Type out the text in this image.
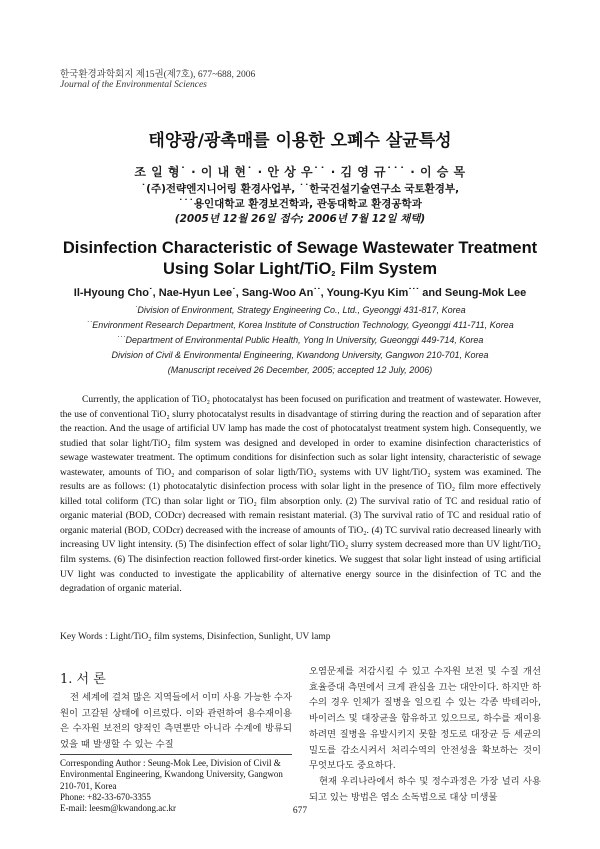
한국환경과학회지 제15권(제7호), 677~688, 2006
Journal of the Environmental Sciences
태양광/광촉매를 이용한 오폐수 살균특성
조 일 형˙ · 이 내 현˙ · 안 상 우˙˙ · 김 영 규˙˙˙ · 이 승 목
˙(주)전략엔지니어링 환경사업부, ˙˙한국건설기술연구소 국토환경부,
˙˙˙용인대학교 환경보건학과, 관동대학교 환경공학과
(2005년 12월 26일 접수; 2006년 7월 12일 채택)
Disinfection Characteristic of Sewage Wastewater Treatment
Using Solar Light/TiO$_2$ Film System
Il-Hyoung Cho˙, Nae-Hyun Lee˙, Sang-Woo An˙˙, Young-Kyu Kim˙˙˙ and Seung-Mok Lee
˙Division of Environment, Strategy Engineering Co., Ltd., Gyeonggi 431-817, Korea
˙˙Environment Research Department, Korea Institute of Construction Technology, Gyeonggi 411-711, Korea
˙˙˙Department of Environmental Public Health, Yong In University, Gueonggi 449-714, Korea
Division of Civil & Environmental Engineering, Kwandong University, Gangwon 210-701, Korea
(Manuscript received 26 December, 2005; accepted 12 July, 2006)
Currently, the application of TiO₂ photocatalyst has been focused on purification and treatment of wastewater. However, the use of conventional TiO₂ slurry photocatalyst results in disadvantage of stirring during the reaction and of separation after the reaction. And the usage of artificial UV lamp has made the cost of photocatalyst treatment system high. Consequently, we studied that solar light/TiO₂ film system was designed and developed in order to examine disinfection characteristics of sewage wastewater treatment. The optimum conditions for disinfection such as solar light intensity, characteristic of sewage wastewater, amounts of TiO₂ and comparison of solar ligth/TiO₂ systems with UV light/TiO₂ system was examined. The results are as follows: (1) photocatalytic disinfection process with solar light in the presence of TiO₂ film more effectively killed total coliform (TC) than solar light or TiO₂ film absorption only. (2) The survival ratio of TC and residual ratio of organic material (BOD, CODcr) decreased with remain resistant material. (3) The survival ratio of TC and residual ratio of organic material (BOD, CODcr) decreased with the increase of amounts of TiO₂. (4) TC survival ratio decreased linearly with increasing UV light intensity. (5) The disinfection effect of solar light/TiO₂ slurry system decreased more than UV light/TiO₂ film systems. (6) The disinfection reaction followed first-order kinetics. We suggest that solar light instead of using artificial UV light was conducted to investigate the applicability of alternative energy source in the disinfection of TC and the degradation of organic material.
Key Words : Light/TiO₂ film systems, Disinfection, Sunlight, UV lamp
1. 서 론

전 세계에 걸쳐 많은 지역들에서 이미 사용 가능한 수자원이 고갈된 상태에 이르렀다. 이와 관련하여 용수재이용은 수자원 보전의 양적인 측면뿐만 아니라 수계에 방류되었을 때 발생할 수 있는 수질

Corresponding Author : Seung-Mok Lee, Division of Civil &
Environmental Engineering, Kwandong University, Gangwon
210-701, Korea
Phone: +82-33-670-3355
E-mail: leesm@kwandong.ac.kr

오염문제를 저감시킬 수 있고 수자원 보전 및 수질 개선 효율증대 측면에서 크게 관심을 끄는 대안이다. 하지만 하수의 경우 인체가 질병을 일으킬 수 있는 각종 박테리아, 바이러스 및 대장균을 함유하고 있으므로, 하수를 재이용하려면 질병을 유발시키지 못할 정도로 대장균 등 세균의 밀도를 감소시켜서 처리수역의 안전성을 확보하는 것이 무엇보다도 중요하다.

현재 우리나라에서 하수 및 정수과정은 가장 널리 사용되고 있는 방법은 염소 소독법으로 대상 미생물

677
